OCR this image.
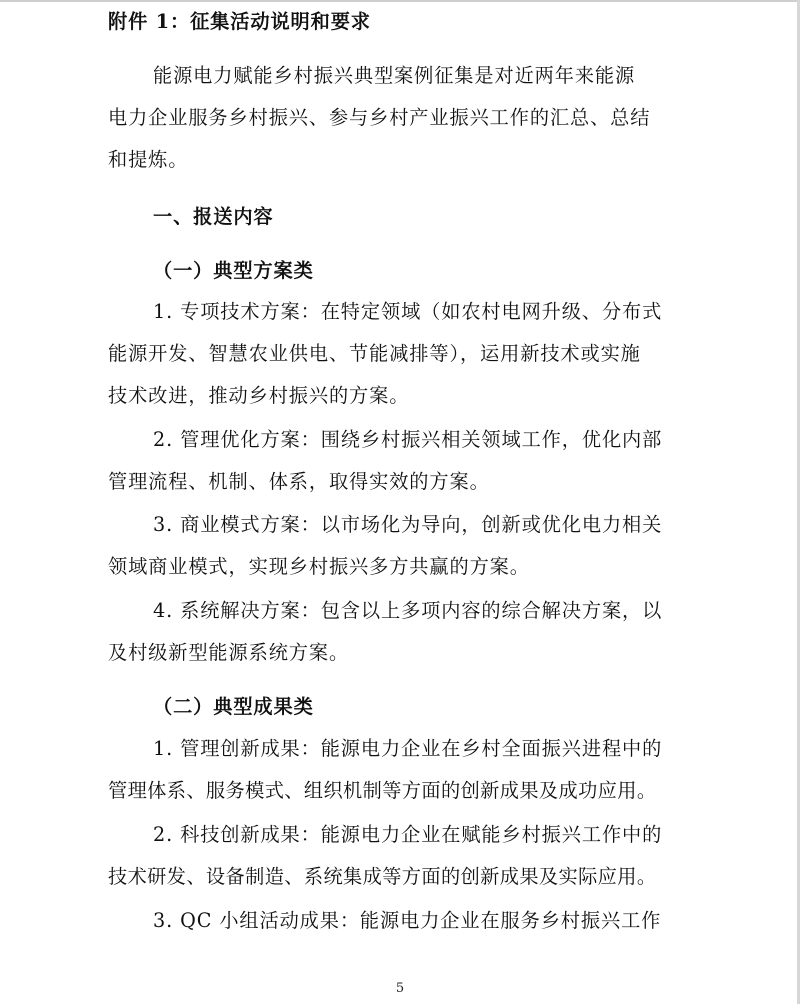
附件 1：征集活动说明和要求
能源电力赋能乡村振兴典型案例征集是对近两年来能源
电力企业服务乡村振兴、参与乡村产业振兴工作的汇总、总结
和提炼。
一、报送内容
（一）典型方案类
1. 专项技术方案：在特定领域（如农村电网升级、分布式
能源开发、智慧农业供电、节能减排等），运用新技术或实施
技术改进，推动乡村振兴的方案。
2. 管理优化方案：围绕乡村振兴相关领域工作，优化内部
管理流程、机制、体系，取得实效的方案。
3. 商业模式方案：以市场化为导向，创新或优化电力相关
领域商业模式，实现乡村振兴多方共赢的方案。
4. 系统解决方案：包含以上多项内容的综合解决方案，以
及村级新型能源系统方案。
（二）典型成果类
1. 管理创新成果：能源电力企业在乡村全面振兴进程中的
管理体系、服务模式、组织机制等方面的创新成果及成功应用。
2. 科技创新成果：能源电力企业在赋能乡村振兴工作中的
技术研发、设备制造、系统集成等方面的创新成果及实际应用。
3. QC 小组活动成果：能源电力企业在服务乡村振兴工作
5
